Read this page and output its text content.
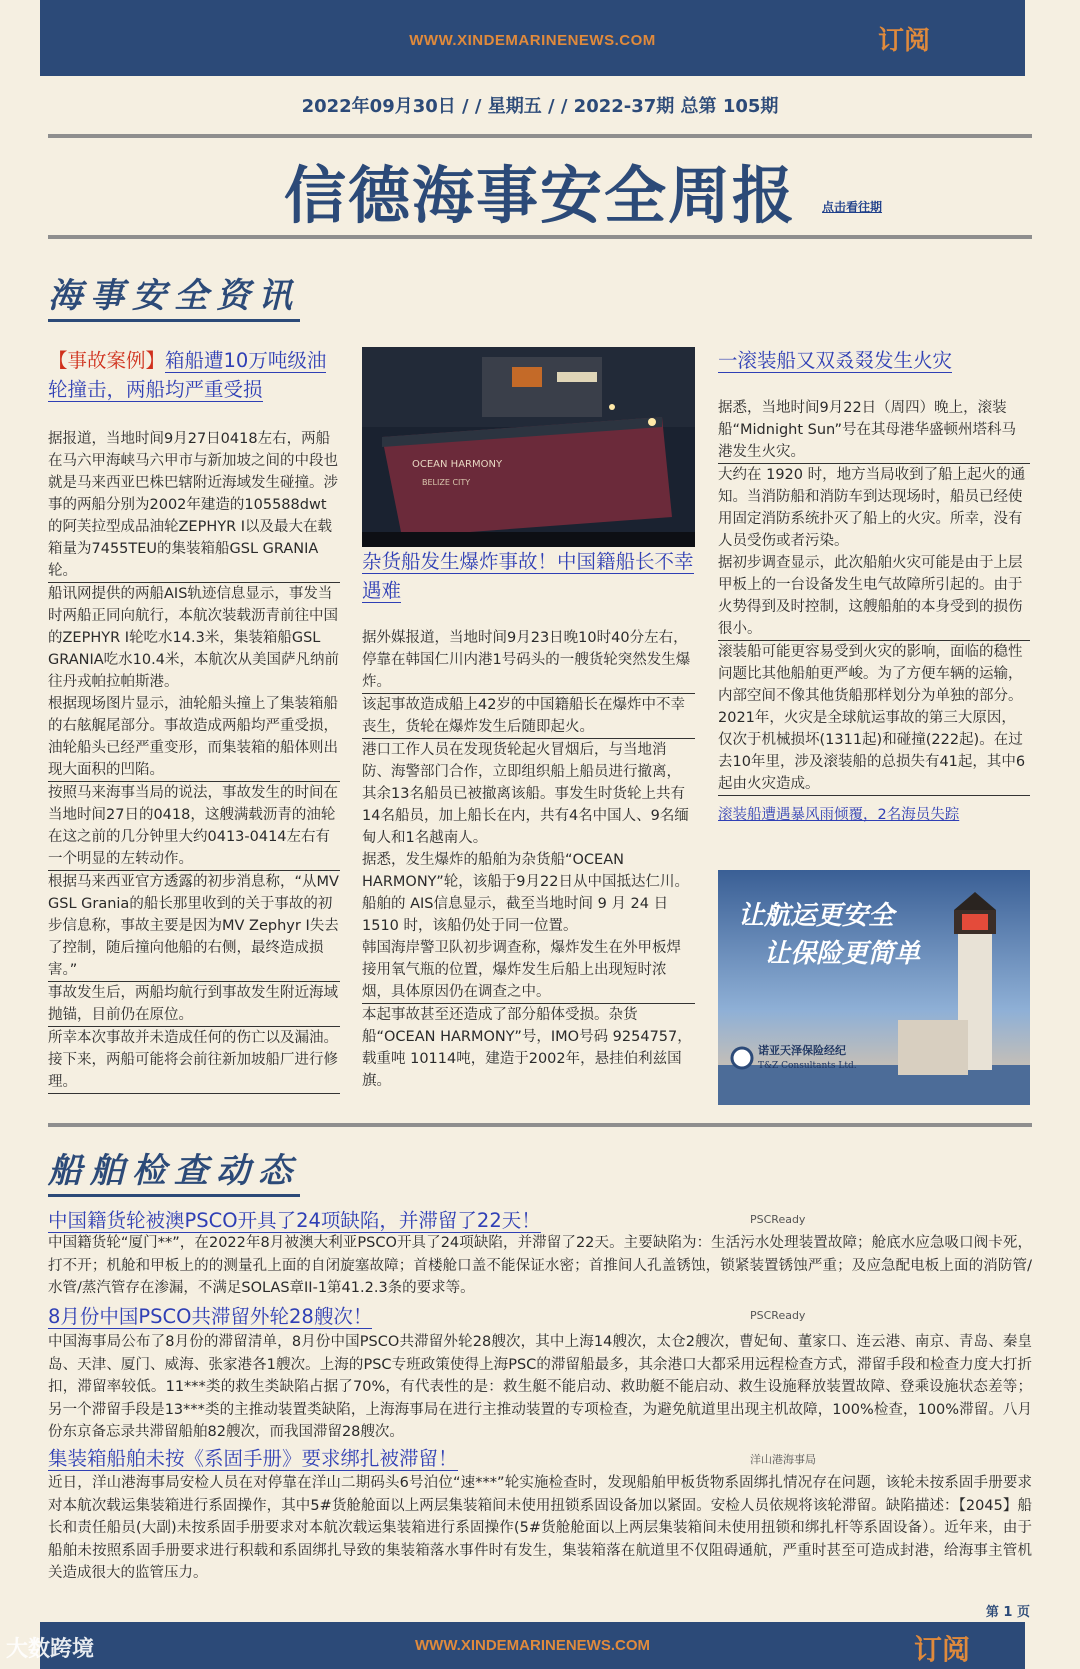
WWW.XINDEMARINENEWS.COM	订阅
2022年09月30日 / / 星期五 / / 2022-37期 总第 105期
信德海事安全周报 点击看往期
海事安全资讯
【事故案例】箱船遭10万吨级油轮撞击，两船均严重受损

据报道，当地时间9月27日0418左右，两船在马六甲海峡马六甲市与新加坡之间的中段也就是马来西亚巴株巴辖附近海域发生碰撞。涉事的两船分别为2002年建造的105588dwt的阿芙拉型成品油轮ZEPHYR I以及最大在载箱量为7455TEU的集装箱船GSL GRANIA轮。

船讯网提供的两船AIS轨迹信息显示，事发当时两船正同向航行，本航次装载沥青前往中国的ZEPHYR I轮吃水14.3米，集装箱船GSL GRANIA吃水10.4米，本航次从美国萨凡纳前往丹戎帕拉帕斯港。

根据现场图片显示，油轮船头撞上了集装箱船的右舷艉尾部分。事故造成两船均严重受损，油轮船头已经严重变形，而集装箱的船体则出现大面积的凹陷。

按照马来海事当局的说法，事故发生的时间在当地时间27日的0418，这艘满载沥青的油轮在这之前的几分钟里大约0413-0414左右有一个明显的左转动作。

根据马来西亚官方透露的初步消息称，“从MV GSL Grania的船长那里收到的关于事故的初步信息称，事故主要是因为MV Zephyr I失去了控制，随后撞向他船的右侧，最终造成损害。”

事故发生后，两船均航行到事故发生附近海域抛锚，目前仍在原位。

所幸本次事故并未造成任何的伤亡以及漏油。接下来，两船可能将会前往新加坡船厂进行修理。

OCEAN HARMONY
BELIZE CITY
杂货船发生爆炸事故！中国籍船长不幸遇难

据外媒报道，当地时间9月23日晚10时40分左右，停靠在韩国仁川内港1号码头的一艘货轮突然发生爆炸。

该起事故造成船上42岁的中国籍船长在爆炸中不幸丧生，货轮在爆炸发生后随即起火。

港口工作人员在发现货轮起火冒烟后，与当地消防、海警部门合作，立即组织船上船员进行撤离，其余13名船员已被撤离该船。事发生时货轮上共有14名船员，加上船长在内，共有4名中国人、9名缅甸人和1名越南人。

据悉，发生爆炸的船舶为杂货船“OCEAN HARMONY”轮，该船于9月22日从中国抵达仁川。船舶的 AIS信息显示，截至当地时间 9 月 24 日 1510 时，该船仍处于同一位置。

韩国海岸警卫队初步调查称，爆炸发生在外甲板焊接用氧气瓶的位置，爆炸发生后船上出现短时浓烟，具体原因仍在调查之中。

本起事故甚至还造成了部分船体受损。杂货船“OCEAN HARMONY”号，IMO号码 9254757，载重吨 10114吨，建造于2002年，悬挂伯利兹国旗。

一滚装船又双叒叕发生火灾

据悉，当地时间9月22日（周四）晚上，滚装船“Midnight Sun”号在其母港华盛顿州塔科马港发生火灾。

大约在 1920 时，地方当局收到了船上起火的通知。当消防船和消防车到达现场时，船员已经使用固定消防系统扑灭了船上的火灾。所幸，没有人员受伤或者污染。

据初步调查显示，此次船舶火灾可能是由于上层甲板上的一台设备发生电气故障所引起的。由于火势得到及时控制，这艘船舶的本身受到的损伤很小。

滚装船可能更容易受到火灾的影响，面临的稳性问题比其他船舶更严峻。为了方便车辆的运输，内部空间不像其他货船那样划分为单独的部分。

2021年，火灾是全球航运事故的第三大原因，仅次于机械损坏(1311起)和碰撞(222起)。在过去10年里，涉及滚装船的总损失有41起，其中6起由火灾造成。

滚装船遭遇暴风雨倾覆，2名海员失踪

让航运更安全
让保险更简单
诺亚天泽保险经纪
T&Z Consultants Ltd.
船舶检查动态
中国籍货轮被澳PSCO开具了24项缺陷，并滞留了22天！	PSCReady
中国籍货轮“厦门**”，在2022年8月被澳大利亚PSCO开具了24项缺陷，并滞留了22天。主要缺陷为：生活污水处理装置故障；舱底水应急吸口阀卡死，打不开；机舱和甲板上的的测量孔上面的自闭旋塞故障；首楼舱口盖不能保证水密；首推间人孔盖锈蚀，锁紧装置锈蚀严重；及应急配电板上面的消防管/水管/蒸汽管存在渗漏，不满足SOLAS章II-1第41.2.3条的要求等。
8月份中国PSCO共滞留外轮28艘次！	PSCReady
中国海事局公布了8月份的滞留清单，8月份中国PSCO共滞留外轮28艘次，其中上海14艘次，太仓2艘次，曹妃甸、董家口、连云港、南京、青岛、秦皇岛、天津、厦门、威海、张家港各1艘次。上海的PSC专班政策使得上海PSC的滞留船最多，其余港口大都采用远程检查方式，滞留手段和检查力度大打折扣，滞留率较低。11***类的救生类缺陷占据了70%，有代表性的是：救生艇不能启动、救助艇不能启动、救生设施释放装置故障、登乘设施状态差等；另一个滞留手段是13***类的主推动装置类缺陷，上海海事局在进行主推动装置的专项检查，为避免航道里出现主机故障，100%检查，100%滞留。八月份东京备忘录共滞留船舶82艘次，而我国滞留28艘次。
集装箱船舶未按《系固手册》要求绑扎被滞留！	洋山港海事局
近日，洋山港海事局安检人员在对停靠在洋山二期码头6号泊位“速***”轮实施检查时，发现船舶甲板货物系固绑扎情况存在问题，该轮未按系固手册要求对本航次载运集装箱进行系固操作，其中5#货舱舱面以上两层集装箱间未使用扭锁系固设备加以紧固。安检人员依规将该轮滞留。缺陷描述：【2045】船长和责任船员(大副)未按系固手册要求对本航次载运集装箱进行系固操作(5#货舱舱面以上两层集装箱间未使用扭锁和绑扎杆等系固设备）。近年来，由于船舶未按照系固手册要求进行积载和系固绑扎导致的集装箱落水事件时有发生，集装箱落在航道里不仅阻碍通航，严重时甚至可造成封港，给海事主管机关造成很大的监管压力。
第 1 页
WWW.XINDEMARINENEWS.COM	订阅
大数跨境
